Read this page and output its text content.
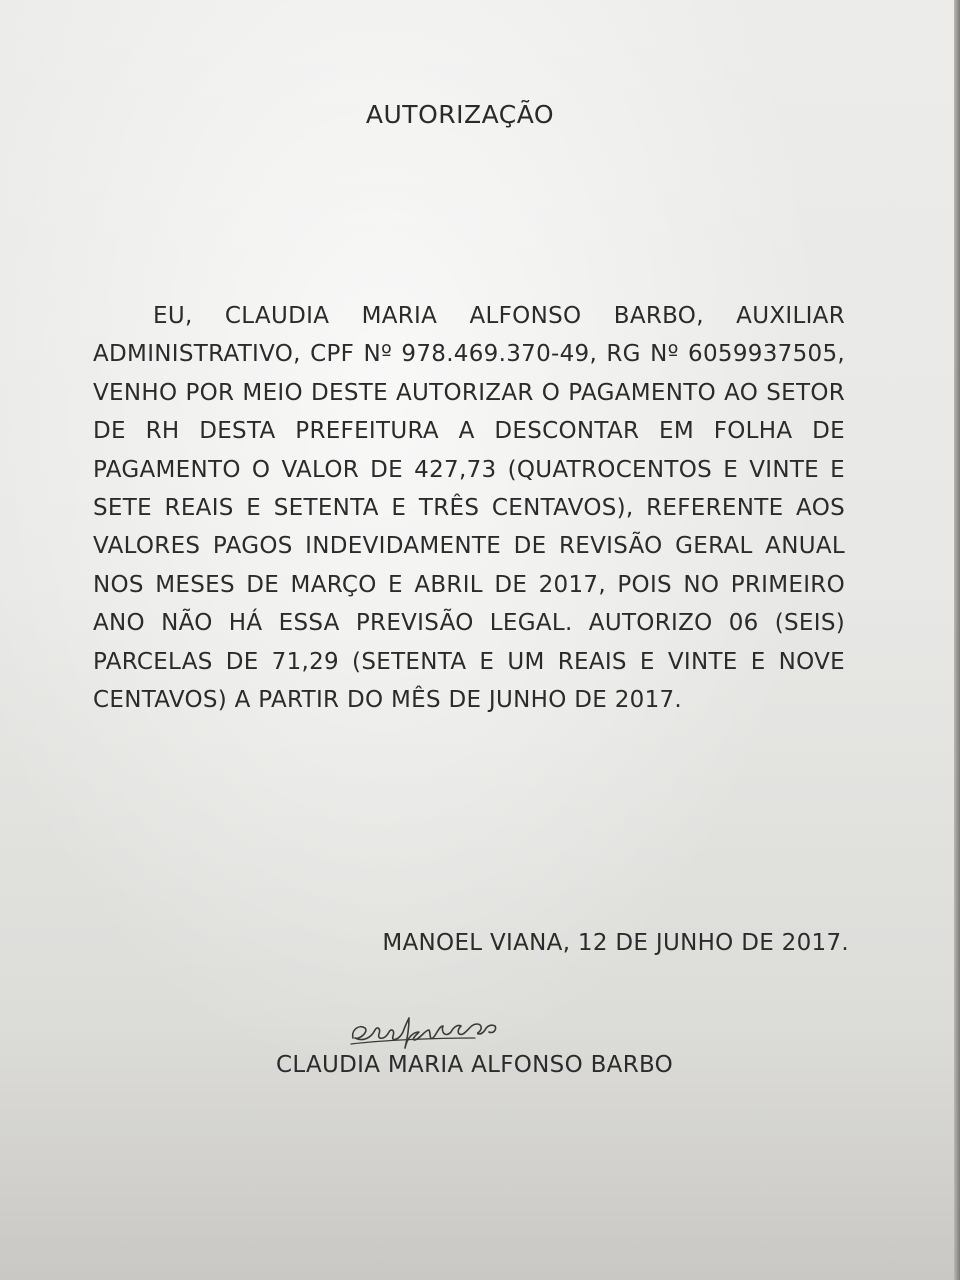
AUTORIZAÇÃO

EU, CLAUDIA MARIA ALFONSO BARBO, AUXILIAR ADMINISTRATIVO, CPF Nº 978.469.370-49, RG Nº 6059937505, VENHO POR MEIO DESTE AUTORIZAR O PAGAMENTO AO SETOR DE RH DESTA PREFEITURA A DESCONTAR EM FOLHA DE PAGAMENTO O VALOR DE 427,73 (QUATROCENTOS E VINTE E SETE REAIS E SETENTA E TRÊS CENTAVOS), REFERENTE AOS VALORES PAGOS INDEVIDAMENTE DE REVISÃO GERAL ANUAL NOS MESES DE MARÇO E ABRIL DE 2017, POIS NO PRIMEIRO ANO NÃO HÁ ESSA PREVISÃO LEGAL. AUTORIZO 06 (SEIS) PARCELAS DE 71,29 (SETENTA E UM REAIS E VINTE E NOVE CENTAVOS) A PARTIR DO MÊS DE JUNHO DE 2017.

MANOEL VIANA, 12 DE JUNHO DE 2017.
CLAUDIA MARIA ALFONSO BARBO
